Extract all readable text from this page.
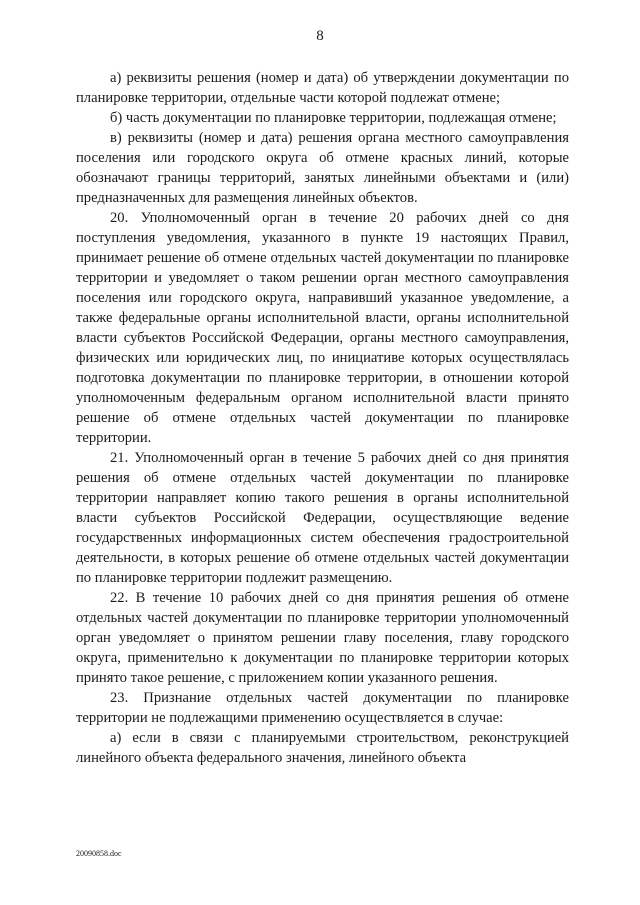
8

а) реквизиты решения (номер и дата) об утверждении документации по планировке территории, отдельные части которой подлежат отмене;

б) часть документации по планировке территории, подлежащая отмене;

в) реквизиты (номер и дата) решения органа местного самоуправления поселения или городского округа об отмене красных линий, которые обозначают границы территорий, занятых линейными объектами и (или) предназначенных для размещения линейных объектов.

20. Уполномоченный орган в течение 20 рабочих дней со дня поступления уведомления, указанного в пункте 19 настоящих Правил, принимает решение об отмене отдельных частей документации по планировке территории и уведомляет о таком решении орган местного самоуправления поселения или городского округа, направивший указанное уведомление, а также федеральные органы исполнительной власти, органы исполнительной власти субъектов Российской Федерации, органы местного самоуправления, физических или юридических лиц, по инициативе которых осуществлялась подготовка документации по планировке территории, в отношении которой уполномоченным федеральным органом исполнительной власти принято решение об отмене отдельных частей документации по планировке территории.

21. Уполномоченный орган в течение 5 рабочих дней со дня принятия решения об отмене отдельных частей документации по планировке территории направляет копию такого решения в органы исполнительной власти субъектов Российской Федерации, осуществляющие ведение государственных информационных систем обеспечения градостроительной деятельности, в которых решение об отмене отдельных частей документации по планировке территории подлежит размещению.

22. В течение 10 рабочих дней со дня принятия решения об отмене отдельных частей документации по планировке территории уполномоченный орган уведомляет о принятом решении главу поселения, главу городского округа, применительно к документации по планировке территории которых принято такое решение, с приложением копии указанного решения.

23. Признание отдельных частей документации по планировке территории не подлежащими применению осуществляется в случае:

а) если в связи с планируемыми строительством, реконструкцией линейного объекта федерального значения, линейного объекта

20090858.doc
